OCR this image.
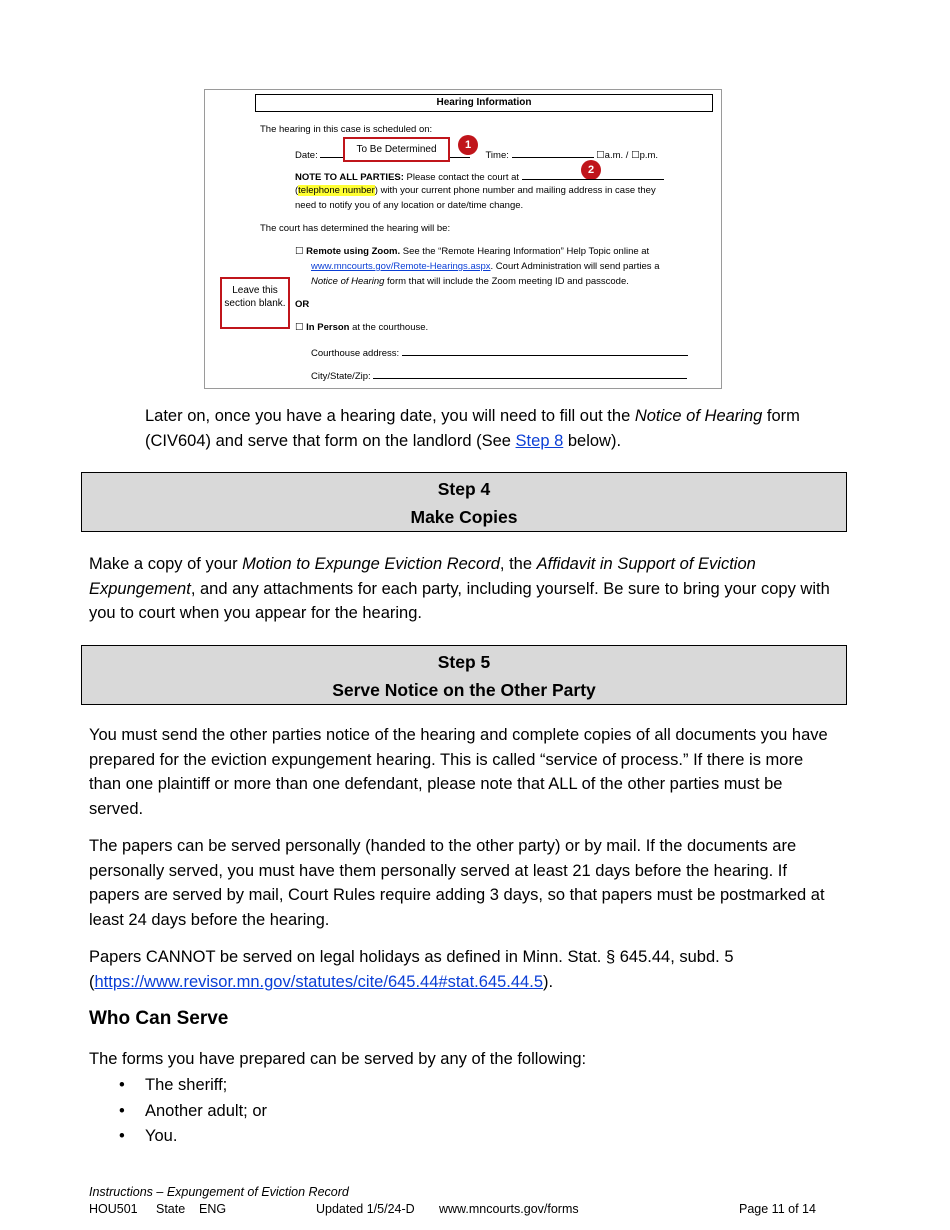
Hearing Information
The hearing in this case is scheduled on:
Date:	Time:	☐a.m. / ☐p.m.
To Be Determined	1
2
NOTE TO ALL PARTIES: Please contact the court at
(telephone number) with your current phone number and mailing address in case they
need to notify you of any location or date/time change.
The court has determined the hearing will be:
☐ Remote using Zoom. See the “Remote Hearing Information” Help Topic online at
www.mncourts.gov/Remote-Hearings.aspx. Court Administration will send parties a
Notice of Hearing form that will include the Zoom meeting ID and passcode.
OR
Leave this section blank.
☐ In Person at the courthouse.
Courthouse address:
City/State/Zip:

Later on, once you have a hearing date, you will need to fill out the Notice of Hearing form (CIV604) and serve that form on the landlord (See Step 8 below).

Step 4
Make Copies

Make a copy of your Motion to Expunge Eviction Record, the Affidavit in Support of Eviction Expungement, and any attachments for each party, including yourself. Be sure to bring your copy with you to court when you appear for the hearing.

Step 5
Serve Notice on the Other Party

You must send the other parties notice of the hearing and complete copies of all documents you have prepared for the eviction expungement hearing. This is called “service of process.” If there is more than one plaintiff or more than one defendant, please note that ALL of the other parties must be served.

The papers can be served personally (handed to the other party) or by mail. If the documents are personally served, you must have them personally served at least 21 days before the hearing. If papers are served by mail, Court Rules require adding 3 days, so that papers must be postmarked at least 24 days before the hearing.

Papers CANNOT be served on legal holidays as defined in Minn. Stat. § 645.44, subd. 5 (https://www.revisor.mn.gov/statutes/cite/645.44#stat.645.44.5).

Who Can Serve

The forms you have prepared can be served by any of the following:

• The sheriff;
• Another adult; or
• You.
Instructions – Expungement of Eviction Record
HOU501 State ENG	Updated 1/5/24-D www.mncourts.gov/forms	Page 11 of 14
